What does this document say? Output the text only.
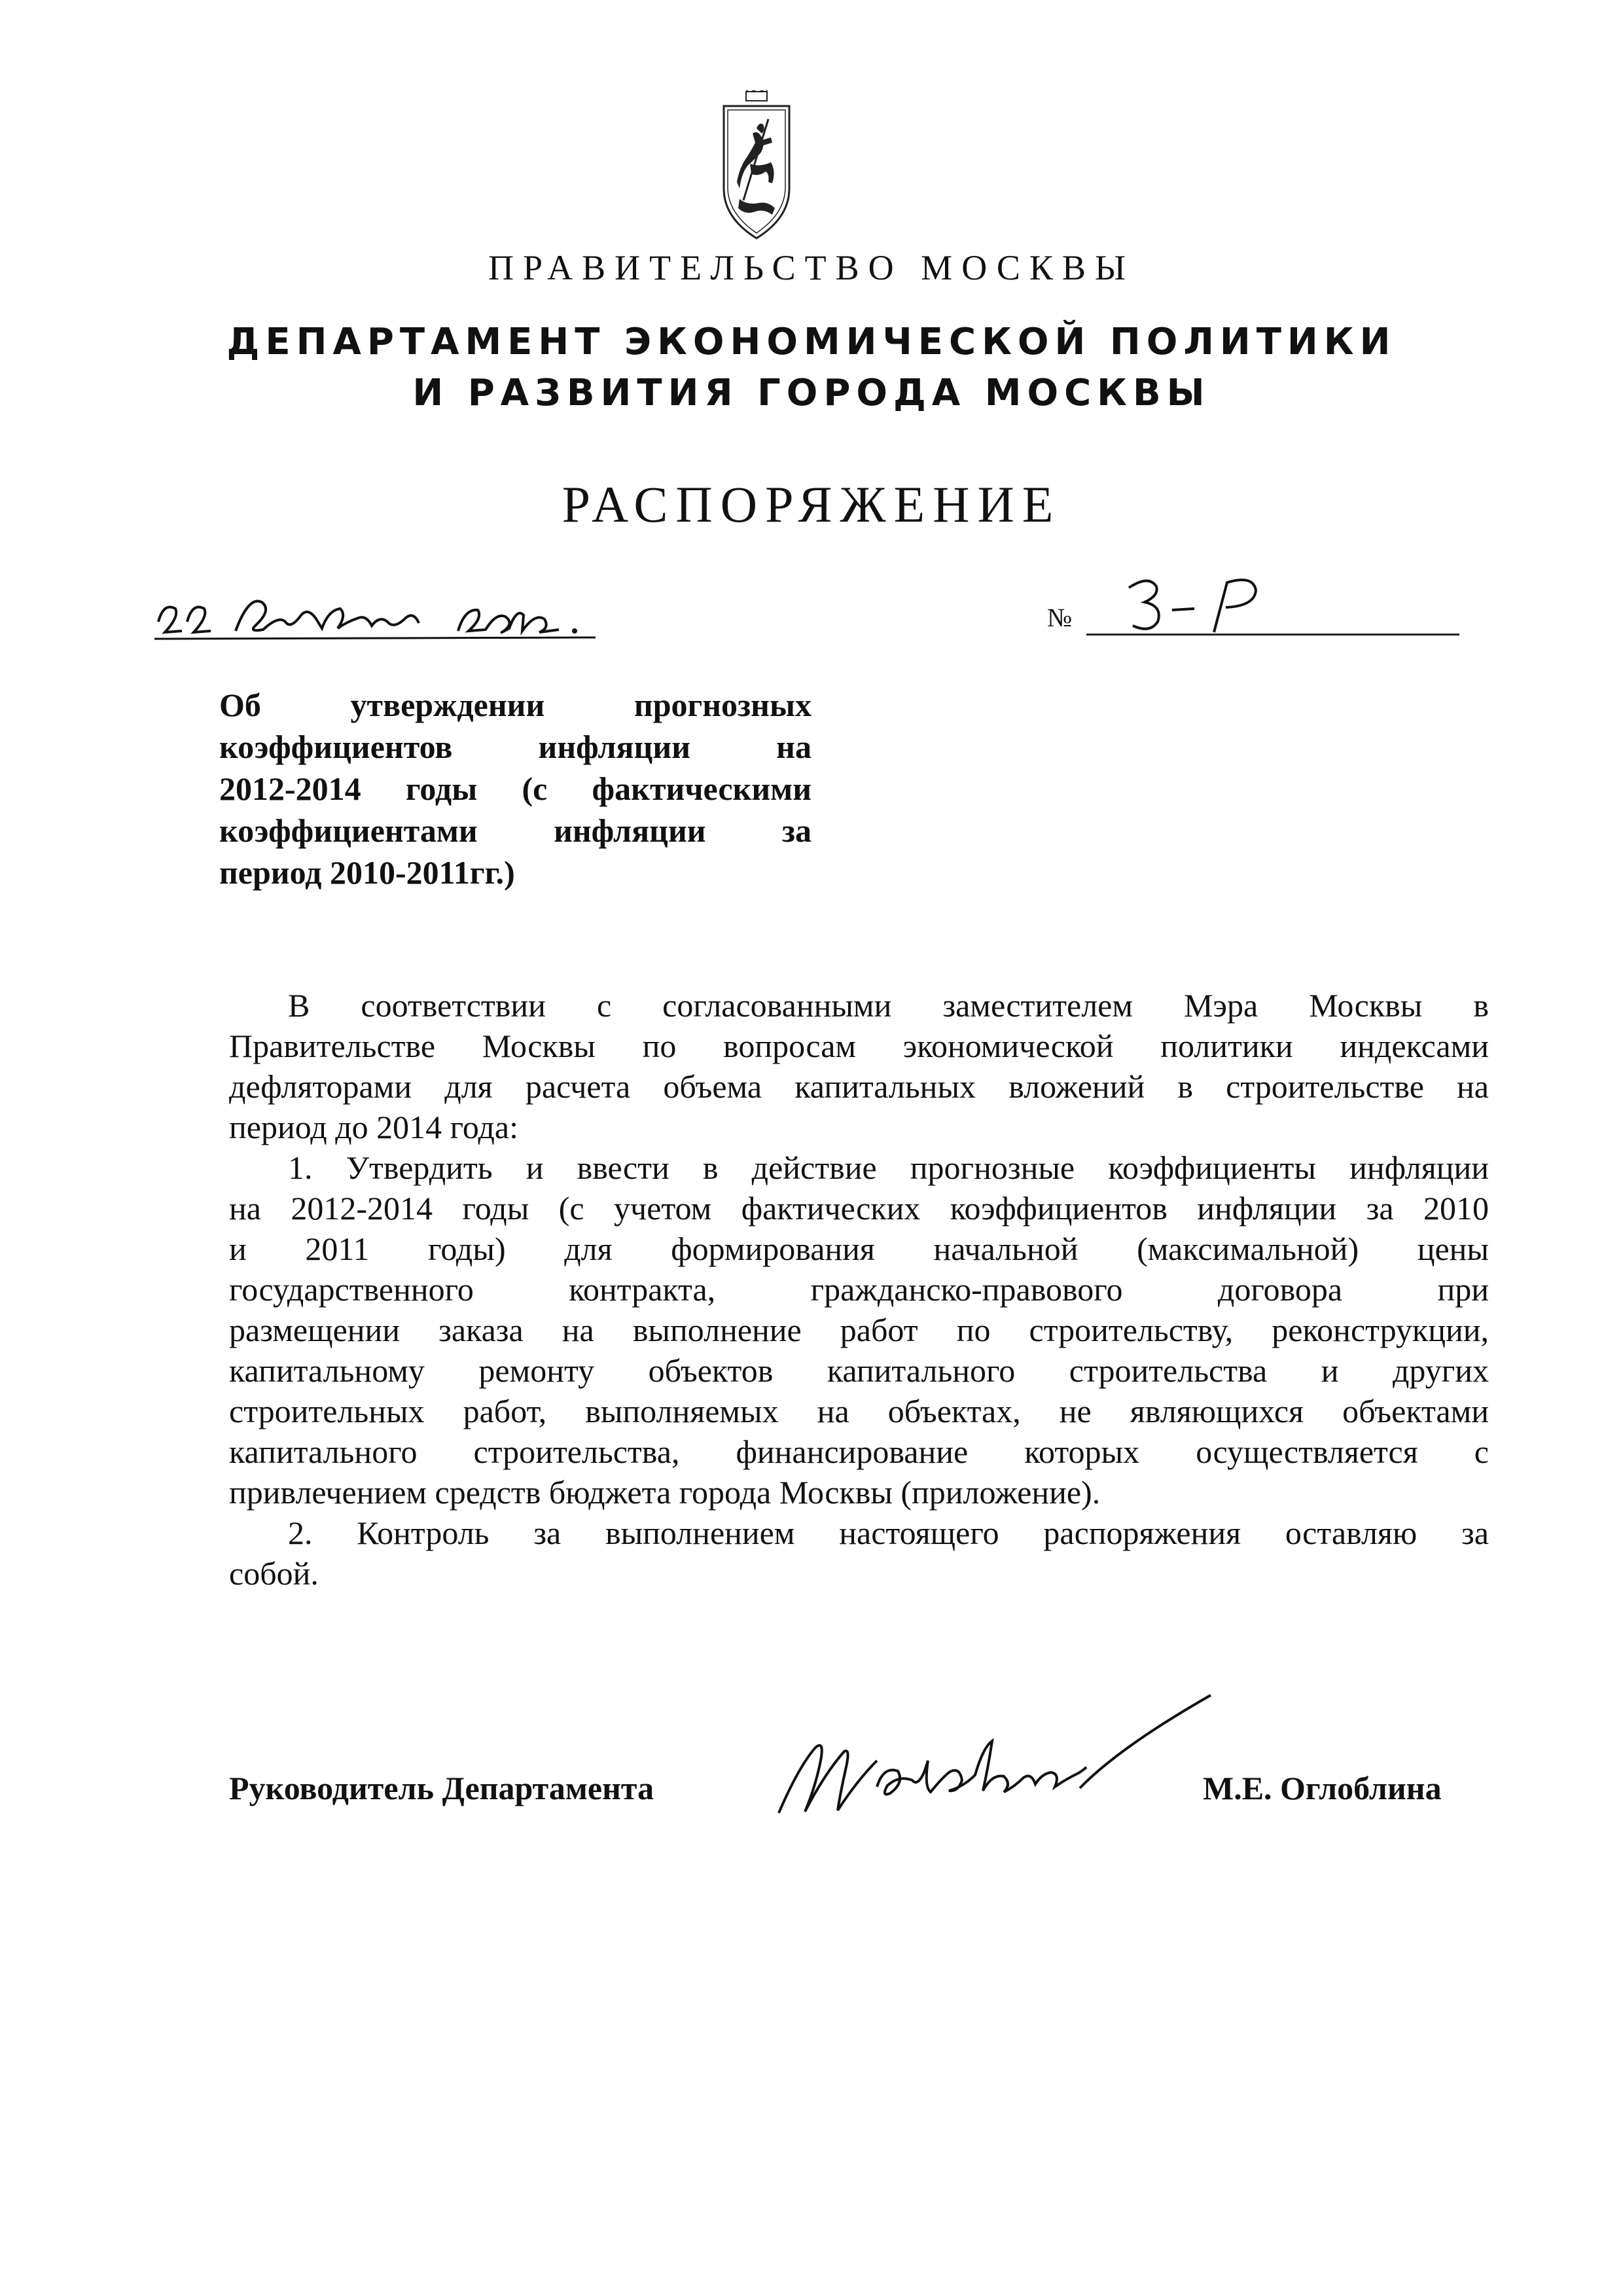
ПРАВИТЕЛЬСТВО МОСКВЫ
ДЕПАРТАМЕНТ ЭКОНОМИЧЕСКОЙ ПОЛИТИКИ
И РАЗВИТИЯ ГОРОДА МОСКВЫ
РАСПОРЯЖЕНИЕ
№
Об утверждении прогнозных
коэффициентов инфляции на
2012-2014 годы (с фактическими
коэффициентами инфляции за
период 2010-2011гг.)
В соответствии с согласованными заместителем Мэра Москвы в
Правительстве Москвы по вопросам экономической политики индексами
дефляторами для расчета объема капитальных вложений в строительстве на
период до 2014 года:
1. Утвердить и ввести в действие прогнозные коэффициенты инфляции
на 2012-2014 годы (с учетом фактических коэффициентов инфляции за 2010
и 2011 годы) для формирования начальной (максимальной) цены
государственного контракта, гражданско-правового договора при
размещении заказа на выполнение работ по строительству, реконструкции,
капитальному ремонту объектов капитального строительства и других
строительных работ, выполняемых на объектах, не являющихся объектами
капитального строительства, финансирование которых осуществляется с
привлечением средств бюджета города Москвы (приложение).
2. Контроль за выполнением настоящего распоряжения оставляю за
собой.
Руководитель Департамента	М.Е. Оглоблина
